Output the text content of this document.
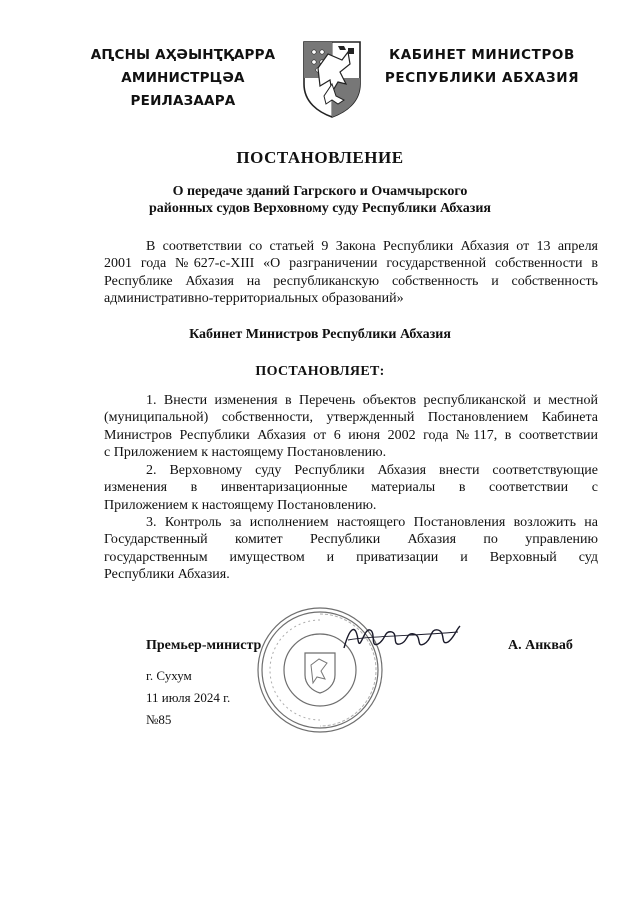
АԤСНЫ АҲӘЫНҬҚАРРА
АМИНИСТРЦӘА РЕИЛАЗААРА
КАБИНЕТ МИНИСТРОВ
РЕСПУБЛИКИ АБХАЗИЯ
ПОСТАНОВЛЕНИЕ
О передаче зданий Гагрского и Очамчырского
районных судов Верховному суду Республики Абхазия
В соответствии со статьей 9 Закона Республики Абхазия от 13 апреля
2001 года №627-с-XIII «О разграничении государственной собственности в
Республике Абхазия на республиканскую собственность и собственность
административно-территориальных образований»
Кабинет Министров Республики Абхазия
ПОСТАНОВЛЯЕТ:
1. Внести изменения в Перечень объектов республиканской и местной
(муниципальной) собственности, утвержденный Постановлением Кабинета
Министров Республики Абхазия от 6 июня 2002 года №117, в соответствии
с Приложением к настоящему Постановлению.
2. Верховному суду Республики Абхазия внести соответствующие
изменения в инвентаризационные материалы в соответствии с
Приложением к настоящему Постановлению.
3. Контроль за исполнением настоящего Постановления возложить на
Государственный комитет Республики Абхазия по управлению
государственным имуществом и приватизации и Верховный суд
Республики Абхазия.
Премьер-министр	А. Анкваб
г. Сухум
11 июля 2024 г.
№85
